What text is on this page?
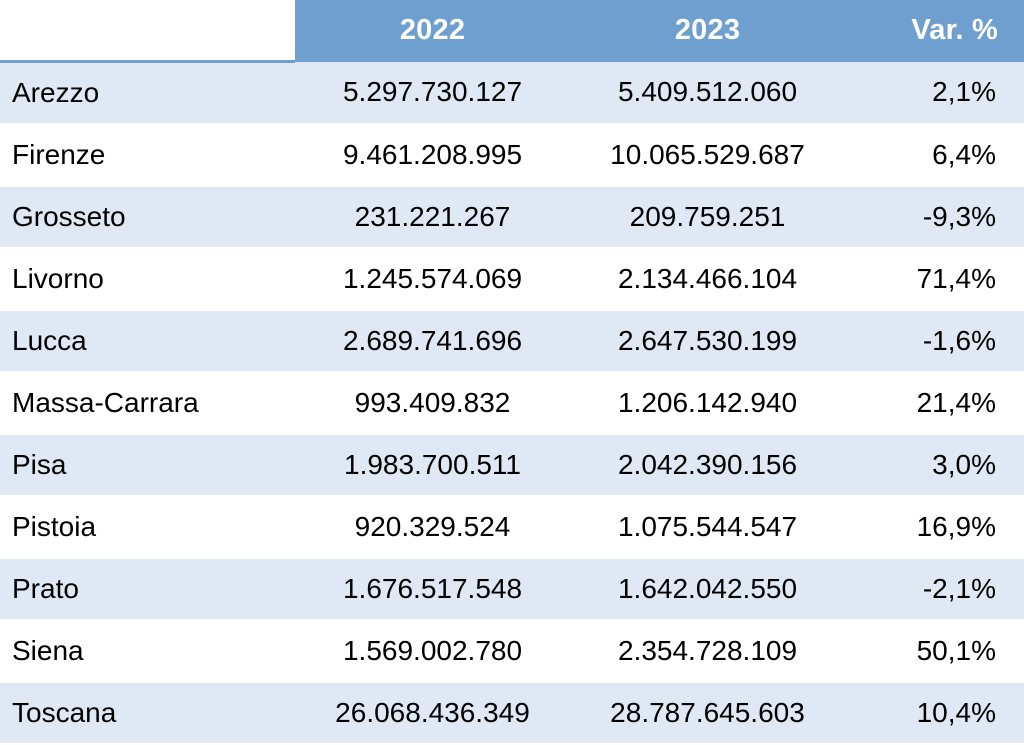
	2022	2023	Var. %
Arezzo	5.297.730.127	5.409.512.060	2,1%
Firenze	9.461.208.995	10.065.529.687	6,4%
Grosseto	231.221.267	209.759.251	-9,3%
Livorno	1.245.574.069	2.134.466.104	71,4%
Lucca	2.689.741.696	2.647.530.199	-1,6%
Massa-Carrara	993.409.832	1.206.142.940	21,4%
Pisa	1.983.700.511	2.042.390.156	3,0%
Pistoia	920.329.524	1.075.544.547	16,9%
Prato	1.676.517.548	1.642.042.550	-2,1%
Siena	1.569.002.780	2.354.728.109	50,1%
Toscana	26.068.436.349	28.787.645.603	10,4%
